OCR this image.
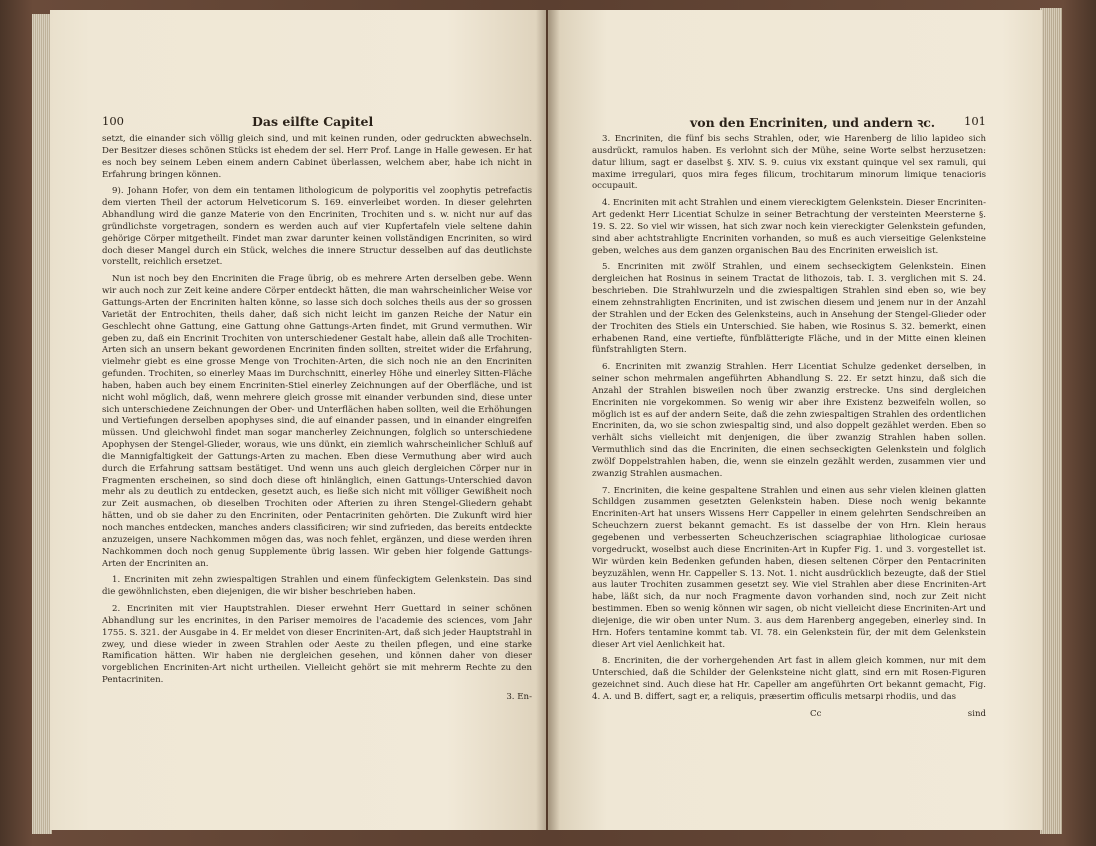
100	Das eilfte Capitel

setzt, die einander sich völlig gleich sind, und mit keinen runden, oder gedruckten abwechseln. Der Besitzer dieses schönen Stücks ist ehedem der sel. Herr Prof. Lange in Halle gewesen. Er hat es noch bey seinem Leben einem andern Cabinet überlassen, welchem aber, habe ich nicht in Erfahrung bringen können.

9). Johann Hofer, von dem ein tentamen lithologicum de polyporitis vel zoophytis petrefactis dem vierten Theil der actorum Helveticorum S. 169. einverleibet worden. In dieser gelehrten Abhandlung wird die ganze Materie von den Encriniten, Trochiten und s. w. nicht nur auf das gründlichste vorgetragen, sondern es werden auch auf vier Kupfertafeln viele seltene dahin gehörige Cörper mitgetheilt. Findet man zwar darunter keinen vollständigen Encriniten, so wird doch dieser Mangel durch ein Stück, welches die innere Structur desselben auf das deutlichste vorstellt, reichlich ersetzet.

Nun ist noch bey den Encriniten die Frage übrig, ob es mehrere Arten derselben gebe. Wenn wir auch noch zur Zeit keine andere Cörper entdeckt hätten, die man wahrscheinlicher Weise vor Gattungs-Arten der Encriniten halten könne, so lasse sich doch solches theils aus der so grossen Varietät der Entrochiten, theils daher, daß sich nicht leicht im ganzen Reiche der Natur ein Geschlecht ohne Gattung, eine Gattung ohne Gattungs-Arten findet, mit Grund vermuthen. Wir geben zu, daß ein Encrinit Trochiten von unterschiedener Gestalt habe, allein daß alle Trochiten-Arten sich an unsern bekant gewordenen Encriniten finden sollten, streitet wider die Erfahrung, vielmehr giebt es eine grosse Menge von Trochiten-Arten, die sich noch nie an den Encriniten gefunden. Trochiten, so einerley Maas im Durchschnitt, einerley Höhe und einerley Sitten-Fläche haben, haben auch bey einem Encriniten-Stiel einerley Zeichnungen auf der Oberfläche, und ist nicht wohl möglich, daß, wenn mehrere gleich grosse mit einander verbunden sind, diese unter sich unterschiedene Zeichnungen der Ober- und Unterflächen haben sollten, weil die Erhöhungen und Vertiefungen derselben apophyses sind, die auf einander passen, und in einander eingreifen müssen. Und gleichwohl findet man sogar mancherley Zeichnungen, folglich so unterschiedene Apophysen der Stengel-Glieder, woraus, wie uns dünkt, ein ziemlich wahrscheinlicher Schluß auf die Mannigfaltigkeit der Gattungs-Arten zu machen. Eben diese Vermuthung aber wird auch durch die Erfahrung sattsam bestätiget. Und wenn uns auch gleich dergleichen Cörper nur in Fragmenten erscheinen, so sind doch diese oft hinlänglich, einen Gattungs-Unterschied davon mehr als zu deutlich zu entdecken, gesetzt auch, es ließe sich nicht mit völliger Gewißheit noch zur Zeit ausmachen, ob dieselben Trochiten oder Afterien zu ihren Stengel-Gliedern gehabt hätten, und ob sie daher zu den Encriniten, oder Pentacriniten gehörten. Die Zukunft wird hier noch manches entdecken, manches anders classificiren; wir sind zufrieden, das bereits entdeckte anzuzeigen, unsere Nachkommen mögen das, was noch fehlet, ergänzen, und diese werden ihren Nachkommen doch noch genug Supplemente übrig lassen. Wir geben hier folgende Gattungs-Arten der Encriniten an.

1. Encriniten mit zehn zwiespaltigen Strahlen und einem fünfeckigtem Gelenkstein. Das sind die gewöhnlichsten, eben diejenigen, die wir bisher beschrieben haben.

2. Encriniten mit vier Hauptstrahlen. Dieser erwehnt Herr Guettard in seiner schönen Abhandlung sur les encrinites, in den Pariser memoires de l'academie des sciences, vom Jahr 1755. S. 321. der Ausgabe in 4. Er meldet von dieser Encriniten-Art, daß sich jeder Hauptstrahl in zwey, und diese wieder in zween Strahlen oder Aeste zu theilen pflegen, und eine starke Ramification hätten. Wir haben nie dergleichen gesehen, und können daher von dieser vorgeblichen Encriniten-Art nicht urtheilen. Vielleicht gehört sie mit mehrerm Rechte zu den Pentacriniten.

3. En-
von den Encriniten, und andern ꝛc.	101

3. Encriniten, die fünf bis sechs Strahlen, oder, wie Harenberg de lilio lapideo sich ausdrückt, ramulos haben. Es verlohnt sich der Mühe, seine Worte selbst herzusetzen: datur lilium, sagt er daselbst §. XIV. S. 9. cuius vix exstant quinque vel sex ramuli, qui maxime irregulari, quos mira feges filicum, trochitarum minorum limique tenacioris occupauit.

4. Encriniten mit acht Strahlen und einem viereckigtem Gelenkstein. Dieser Encriniten-Art gedenkt Herr Licentiat Schulze in seiner Betrachtung der versteinten Meersterne §. 19. S. 22. So viel wir wissen, hat sich zwar noch kein viereckigter Gelenkstein gefunden, sind aber achtstrahligte Encriniten vorhanden, so muß es auch vierseitige Gelenksteine geben, welches aus dem ganzen organischen Bau des Encriniten erweislich ist.

5. Encriniten mit zwölf Strahlen, und einem sechseckigtem Gelenkstein. Einen dergleichen hat Rosinus in seinem Tractat de lithozois, tab. I. 3. verglichen mit S. 24. beschrieben. Die Strahlwurzeln und die zwiespaltigen Strahlen sind eben so, wie bey einem zehnstrahligten Encriniten, und ist zwischen diesem und jenem nur in der Anzahl der Strahlen und der Ecken des Gelenksteins, auch in Ansehung der Stengel-Glieder oder der Trochiten des Stiels ein Unterschied. Sie haben, wie Rosinus S. 32. bemerkt, einen erhabenen Rand, eine vertiefte, fünfblätterigte Fläche, und in der Mitte einen kleinen fünfstrahligten Stern.

6. Encriniten mit zwanzig Strahlen. Herr Licentiat Schulze gedenket derselben, in seiner schon mehrmalen angeführten Abhandlung S. 22. Er setzt hinzu, daß sich die Anzahl der Strahlen bisweilen noch über zwanzig erstrecke. Uns sind dergleichen Encriniten nie vorgekommen. So wenig wir aber ihre Existenz bezweifeln wollen, so möglich ist es auf der andern Seite, daß die zehn zwiespaltigen Strahlen des ordentlichen Encriniten, da, wo sie schon zwiespaltig sind, und also doppelt gezählet werden. Eben so verhält sichs vielleicht mit denjenigen, die über zwanzig Strahlen haben sollen. Vermuthlich sind das die Encriniten, die einen sechseckigten Gelenkstein und folglich zwölf Doppelstrahlen haben, die, wenn sie einzeln gezählt werden, zusammen vier und zwanzig Strahlen ausmachen.

7. Encriniten, die keine gespaltene Strahlen und einen aus sehr vielen kleinen glatten Schildgen zusammen gesetzten Gelenkstein haben. Diese noch wenig bekannte Encriniten-Art hat unsers Wissens Herr Cappeller in einem gelehrten Sendschreiben an Scheuchzern zuerst bekannt gemacht. Es ist dasselbe der von Hrn. Klein heraus gegebenen und verbesserten Scheuchzerischen sciagraphiae lithologicae curiosae vorgedruckt, woselbst auch diese Encriniten-Art in Kupfer Fig. 1. und 3. vorgestellet ist. Wir würden kein Bedenken gefunden haben, diesen seltenen Cörper den Pentacriniten beyzuzählen, wenn Hr. Cappeller S. 13. Not. 1. nicht ausdrücklich bezeugte, daß der Stiel aus lauter Trochiten zusammen gesetzt sey. Wie viel Strahlen aber diese Encriniten-Art habe, läßt sich, da nur noch Fragmente davon vorhanden sind, noch zur Zeit nicht bestimmen. Eben so wenig können wir sagen, ob nicht vielleicht diese Encriniten-Art und diejenige, die wir oben unter Num. 3. aus dem Harenberg angegeben, einerley sind. In Hrn. Hofers tentamine kommt tab. VI. 78. ein Gelenkstein für, der mit dem Gelenkstein dieser Art viel Aenlichkeit hat.

8. Encriniten, die der vorhergehenden Art fast in allem gleich kommen, nur mit dem Unterschied, daß die Schilder der Gelenksteine nicht glatt, sind ern mit Rosen-Figuren gezeichnet sind. Auch diese hat Hr. Capeller am angeführten Ort bekannt gemacht, Fig. 4. A. und B. differt, sagt er, a reliquis, præsertim officulis metsarpi rhodiis, und das

Cc	sind
